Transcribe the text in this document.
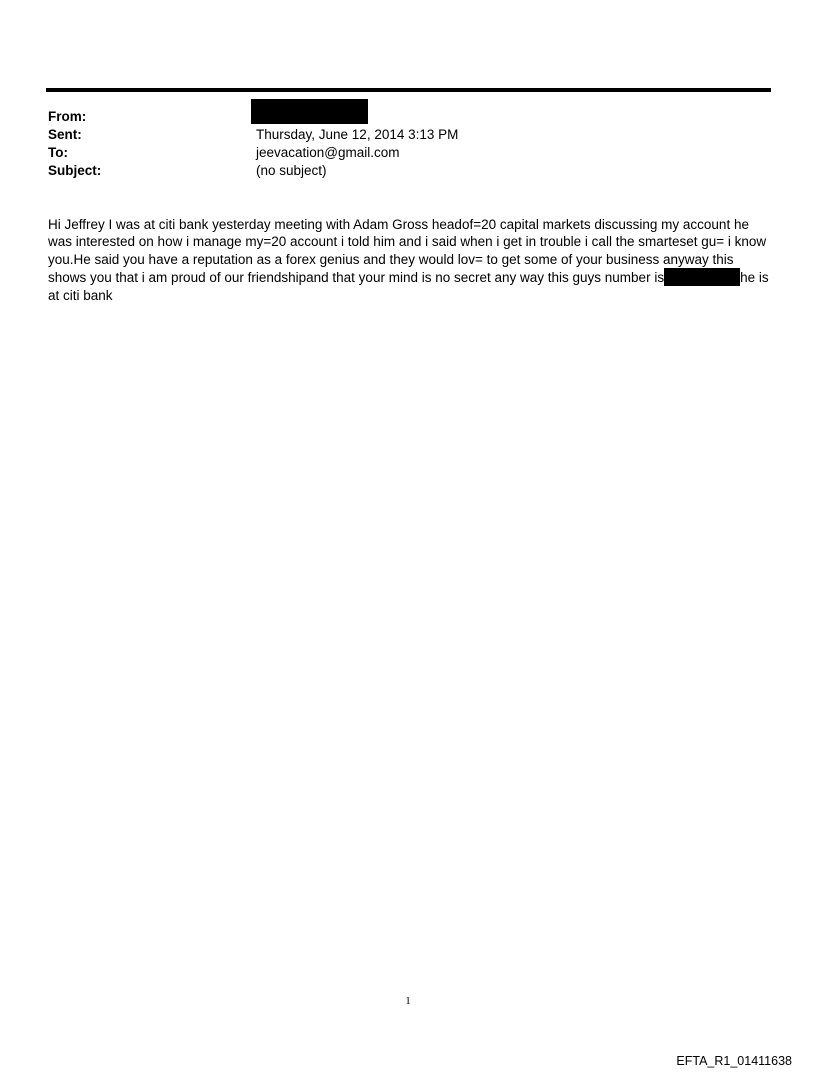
From:
Sent:	Thursday, June 12, 2014 3:13 PM
To:	jeevacation@gmail.com
Subject:	(no subject)
Hi Jeffrey I was at citi bank yesterday meeting with Adam Gross headof=20 capital markets discussing my account he was interested on how i manage my=20 account i told him and i said when i get in trouble i call the smarteset gu= i know you.He said you have a reputation as a forex genius and they would lov= to get some of your business anyway this shows you that i am proud of our friendshipand that your mind is no secret any way this guys number is	he is at citi bank
1
EFTA_R1_01411638
